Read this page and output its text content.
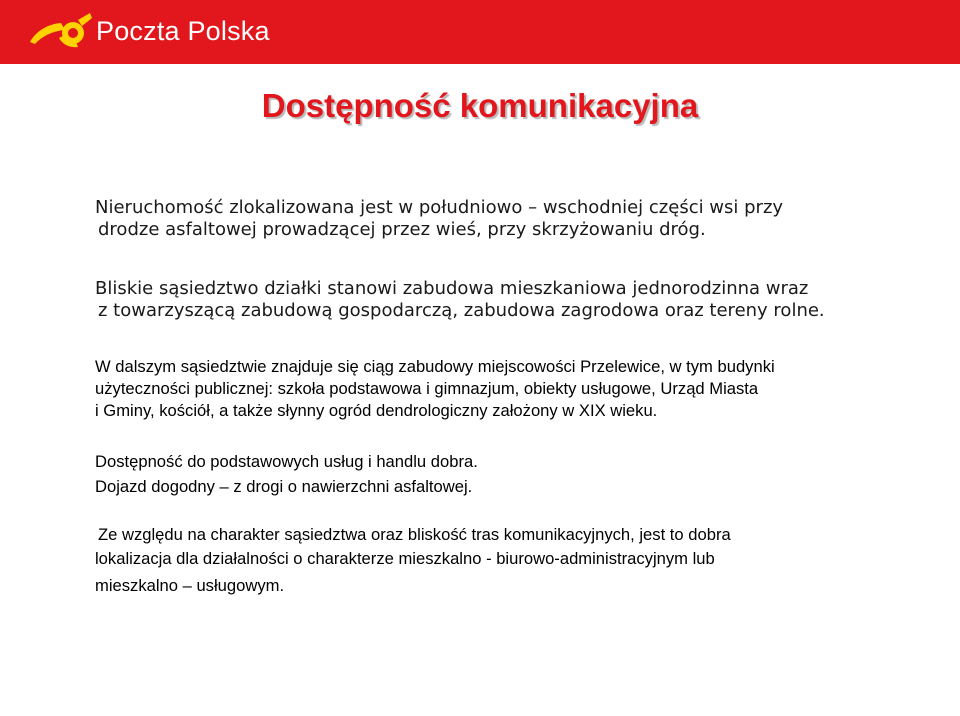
Poczta Polska
Dostępność komunikacyjna
Nieruchomość zlokalizowana jest w południowo – wschodniej części wsi przy
drodze asfaltowej prowadzącej przez wieś, przy skrzyżowaniu dróg.
Bliskie sąsiedztwo działki stanowi zabudowa mieszkaniowa jednorodzinna wraz
z towarzyszącą zabudową gospodarczą, zabudowa zagrodowa oraz tereny rolne.
W dalszym sąsiedztwie znajduje się ciąg zabudowy miejscowości Przelewice, w tym budynki
użyteczności publicznej: szkoła podstawowa i gimnazjum, obiekty usługowe, Urząd Miasta
i Gminy, kościół, a także słynny ogród dendrologiczny założony w XIX wieku.
Dostępność do podstawowych usług i handlu dobra.
Dojazd dogodny – z drogi o nawierzchni asfaltowej.
Ze względu na charakter sąsiedztwa oraz bliskość tras komunikacyjnych, jest to dobra
lokalizacja dla działalności o charakterze mieszkalno - biurowo-administracyjnym lub
mieszkalno – usługowym.
www.poczta-polska.pl
